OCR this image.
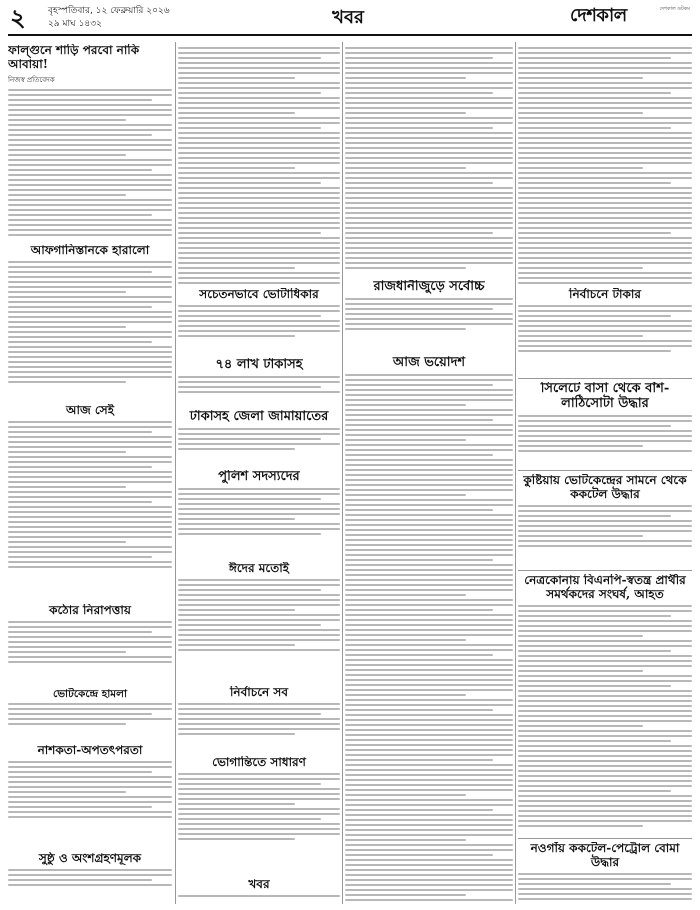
২ বৃহস্পতিবার, ১২ ফেব্রুয়ারি ২০২৬
২৯ মাঘ ১৪৩২	খবর	দেশকাল	দেশকাল ডটকম
ফাল্গুনে শাড়ি পরবো নাকি আবায়া!
নিজস্ব প্রতিবেদক
আফগানিস্তানকে হারালো
আজ সেই
কঠোর নিরাপত্তায়
ভোটকেন্দ্রে হামলা
নাশকতা-অপতৎপরতা
সুষ্ঠু ও অংশগ্রহণমূলক
সচেতনভাবে ভোটাধিকার
৭৪ লাখ টাকাসহ
টাকাসহ জেলা জামায়াতের
পুলিশ সদস্যদের
ঈদের মতোই
নির্বাচনে সব
ভোগান্তিতে সাধারণ
খবর
রাজধানীজুড়ে সর্বোচ্চ
আজ ভয়োদশ
নির্বাচনে টাকার
সিলেটে বাসা থেকে বাঁশ-লাঠিসোটা উদ্ধার
কুষ্টিয়ায় ভোটকেন্দ্রের সামনে থেকে ককটেল উদ্ধার
নেত্রকোনায় বিএনপি-স্বতন্ত্র প্রার্থীর সমর্থকদের সংঘর্ষ, আহত
নওগাঁয় ককটেল-পেট্রোল বোমা উদ্ধার
